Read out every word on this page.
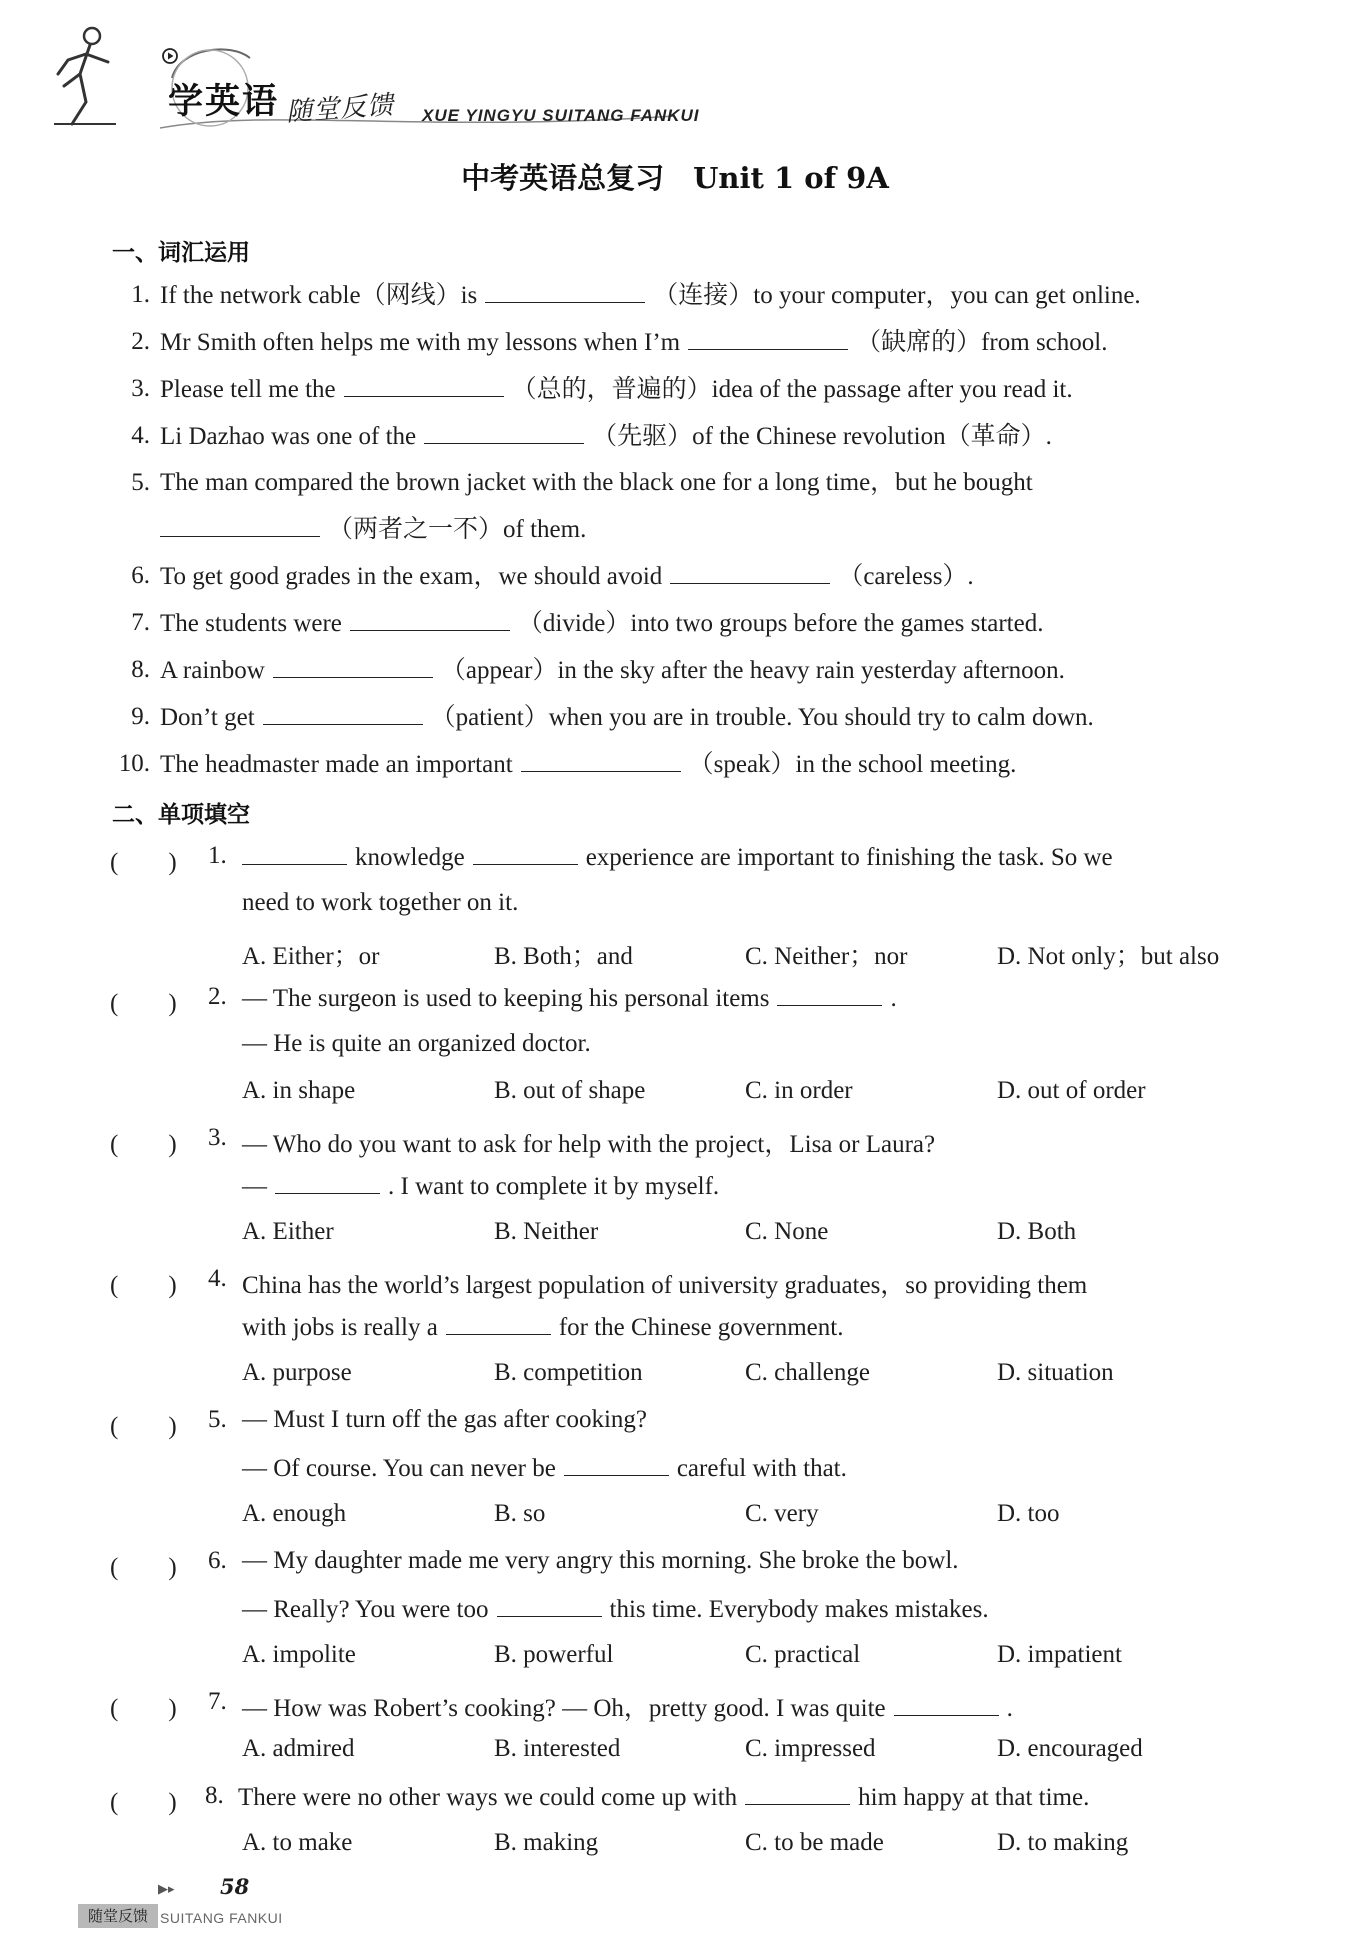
学英语 随堂反馈 XUE YINGYU SUITANG FANKUI
中考英语总复习　Unit 1 of 9A
一、词汇运用
1. If the network cable（网线）is	（连接）to your computer，you can get online.
2. Mr Smith often helps me with my lessons when I’m	（缺席的）from school.
3. Please tell me the	（总的，普遍的）idea of the passage after you read it.
4. Li Dazhao was one of the	（先驱）of the Chinese revolution（革命）.
5. The man compared the brown jacket with the black one for a long time，but he bought
（两者之一不）of them.
6. To get good grades in the exam，we should avoid	（careless）.
7. The students were	（divide）into two groups before the games started.
8. A rainbow	（appear）in the sky after the heavy rain yesterday afternoon.
9. Don’t get	（patient）when you are in trouble. You should try to calm down.
10. The headmaster made an important	（speak）in the school meeting.
二、单项填空
(　　) 1.	knowledge	experience are important to finishing the task. So we
need to work together on it.
A. Either；or	B. Both；and	C. Neither；nor	D. Not only；but also
(　　) 2. — The surgeon is used to keeping his personal items	.
— He is quite an organized doctor.
A. in shape	B. out of shape	C. in order	D. out of order
(　　) 3. — Who do you want to ask for help with the project，Lisa or Laura?
—	. I want to complete it by myself.
A. Either	B. Neither	C. None	D. Both
(　　) 4. China has the world’s largest population of university graduates，so providing them
with jobs is really a	for the Chinese government.
A. purpose	B. competition	C. challenge	D. situation
(　　) 5. — Must I turn off the gas after cooking?
— Of course. You can never be	careful with that.
A. enough	B. so	C. very	D. too
(　　) 6. — My daughter made me very angry this morning. She broke the bowl.
— Really? You were too	this time. Everybody makes mistakes.
A. impolite	B. powerful	C. practical	D. impatient
(　　) 7. — How was Robert’s cooking? — Oh，pretty good. I was quite	.
A. admired	B. interested	C. impressed	D. encouraged
(　　) 8. There were no other ways we could come up with	him happy at that time.
A. to make	B. making	C. to be made	D. to making
▶▸ 58
随堂反馈 SUITANG FANKUI
